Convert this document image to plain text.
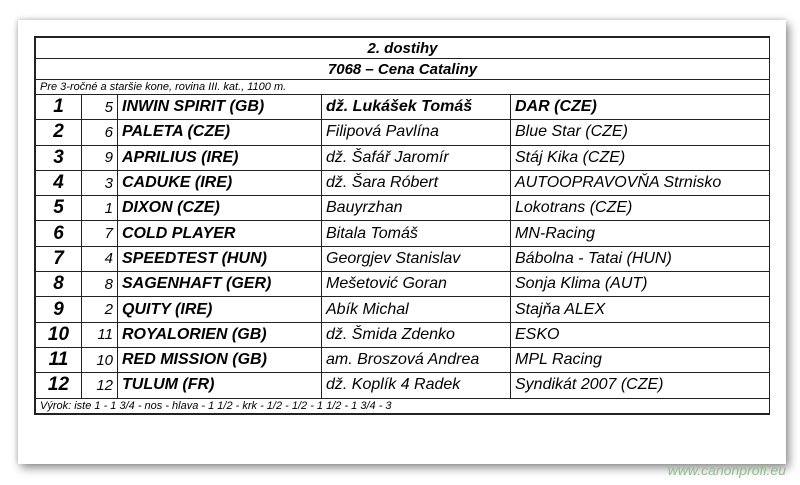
2. dostihy				
7068 – Cena Cataliny				
Pre 3-ročné a staršie kone, rovina III. kat., 1100 m.				
1	5	INWIN SPIRIT (GB)	dž. Lukášek Tomáš	DAR (CZE)
2	6	PALETA (CZE)	Filipová Pavlína	Blue Star (CZE)
3	9	APRILIUS (IRE)	dž. Šafář Jaromír	Stáj Kika (CZE)
4	3	CADUKE (IRE)	dž. Šara Róbert	AUTOOPRAVOVŇA Strnisko
5	1	DIXON (CZE)	Bauyrzhan	Lokotrans (CZE)
6	7	COLD PLAYER	Bitala Tomáš	MN-Racing
7	4	SPEEDTEST (HUN)	Georgjev Stanislav	Bábolna - Tatai (HUN)
8	8	SAGENHAFT (GER)	Mešetović Goran	Sonja Klima (AUT)
9	2	QUITY (IRE)	Abík Michal	Stajňa ALEX
10	11	ROYALORIEN (GB)	dž. Šmida Zdenko	ESKO
11	10	RED MISSION (GB)	am. Broszová Andrea	MPL Racing
12	12	TULUM (FR)	dž. Koplík 4 Radek	Syndikát 2007 (CZE)
Výrok: iste 1 - 1 3/4 - nos - hlava - 1 1/2 - krk - 1/2 - 1/2 - 1 1/2 - 1 3/4 - 3				
www.canonprofi.eu
